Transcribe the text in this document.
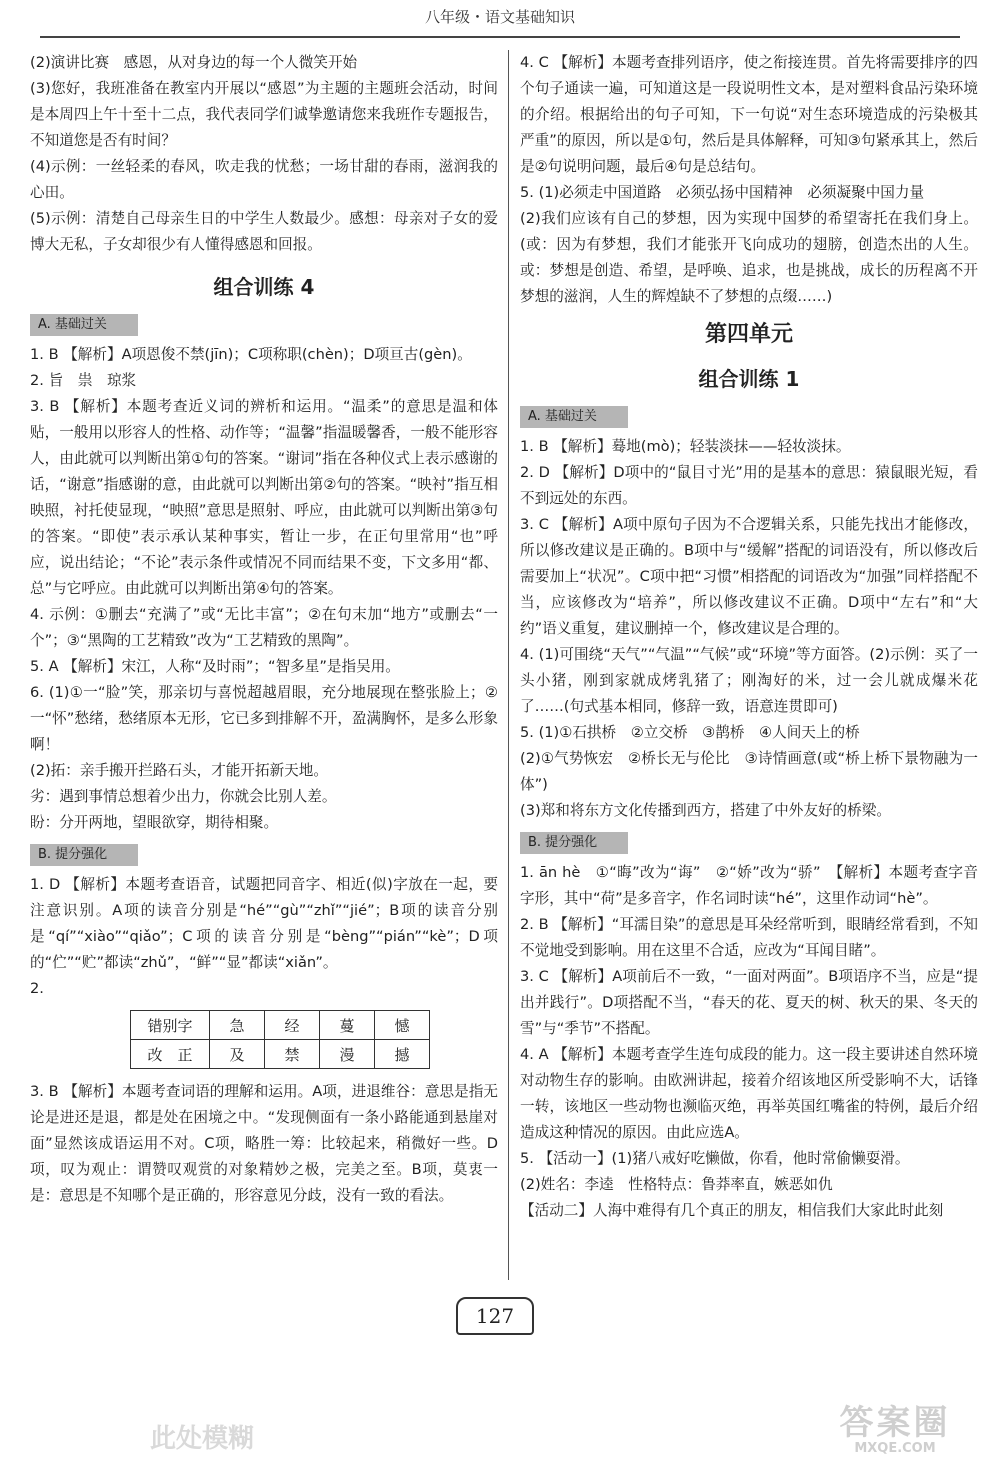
八年级・语文基础知识

(2)演讲比赛　感恩，从对身边的每一个人微笑开始

(3)您好，我班准备在教室内开展以“感恩”为主题的主题班会活动，时间是本周四上午十至十二点，我代表同学们诚挚邀请您来我班作专题报告，不知道您是否有时间？

(4)示例：一丝轻柔的春风，吹走我的忧愁；一场甘甜的春雨，滋润我的心田。

(5)示例：清楚自己母亲生日的中学生人数最少。感想：母亲对子女的爱博大无私，子女却很少有人懂得感恩和回报。

组合训练 4
A. 基础过关

1. B 【解析】A项恩俊不禁(jīn)；C项称职(chèn)；D项亘古(gèn)。

2. 旨　祟　琼浆

3. B 【解析】本题考查近义词的辨析和运用。“温柔”的意思是温和体贴，一般用以形容人的性格、动作等；“温馨”指温暖馨香，一般不能形容人，由此就可以判断出第①句的答案。“谢词”指在各种仪式上表示感谢的话，“谢意”指感谢的意，由此就可以判断出第②句的答案。“映衬”指互相映照，衬托使显现，“映照”意思是照射、呼应，由此就可以判断出第③句的答案。“即使”表示承认某种事实，暂让一步，在正句里常用“也”呼应，说出结论；“不论”表示条件或情况不同而结果不变，下文多用“都、总”与它呼应。由此就可以判断出第④句的答案。

4. 示例：①删去“充满了”或“无比丰富”；②在句末加“地方”或删去“一个”；③“黑陶的工艺精致”改为“工艺精致的黑陶”。

5. A 【解析】宋江，人称“及时雨”；“智多星”是指吴用。

6. (1)①一“脸”笑，那亲切与喜悦超越眉眼，充分地展现在整张脸上；②一“怀”愁绪，愁绪原本无形，它已多到排解不开，盈满胸怀，是多么形象啊！

(2)拓：亲手搬开拦路石头，才能开拓新天地。

劣：遇到事情总想着少出力，你就会比别人差。

盼：分开两地，望眼欲穿，期待相聚。

B. 提分强化

1. D 【解析】本题考查语音，试题把同音字、相近(似)字放在一起，要注意识别。A项的读音分别是“hé”“gù”“zhǐ”“jié”；B项的读音分别是“qí”“xiào”“qiǎo”；C项的读音分别是“bèng”“pián”“kè”；D项的“伫”“贮”都读“zhǔ”，“鲜”“显”都读“xiǎn”。

2.

错别字	急	经	蔓	憾
改　正	及	禁	漫	撼

3. B 【解析】本题考查词语的理解和运用。A项，进退维谷：意思是指无论是进还是退，都是处在困境之中。“发现侧面有一条小路能通到悬崖对面”显然该成语运用不对。C项，略胜一筹：比较起来，稍微好一些。D项，叹为观止：谓赞叹观赏的对象精妙之极，完美之至。B项，莫衷一是：意思是不知哪个是正确的，形容意见分歧，没有一致的看法。

4. C 【解析】本题考查排列语序，使之衔接连贯。首先将需要排序的四个句子通读一遍，可知道这是一段说明性文本，是对塑料食品污染环境的介绍。根据给出的句子可知，下一句说“对生态环境造成的污染极其严重”的原因，所以是①句，然后是具体解释，可知③句紧承其上，然后是②句说明问题，最后④句是总结句。

5. (1)必须走中国道路　必须弘扬中国精神　必须凝聚中国力量

(2)我们应该有自己的梦想，因为实现中国梦的希望寄托在我们身上。(或：因为有梦想，我们才能张开飞向成功的翅膀，创造杰出的人生。或：梦想是创造、希望，是呼唤、追求，也是挑战，成长的历程离不开梦想的滋润，人生的辉煌缺不了梦想的点缀……)

第四单元
组合训练 1
A. 基础过关

1. B 【解析】蓦地(mò)；轻装淡抹——轻妆淡抹。

2. D 【解析】D项中的“鼠目寸光”用的是基本的意思：猿鼠眼光短，看不到远处的东西。

3. C 【解析】A项中原句子因为不合逻辑关系，只能先找出才能修改，所以修改建议是正确的。B项中与“缓解”搭配的词语没有，所以修改后需要加上“状况”。C项中把“习惯”相搭配的词语改为“加强”同样搭配不当，应该修改为“培养”，所以修改建议不正确。D项中“左右”和“大约”语义重复，建议删掉一个，修改建议是合理的。

4. (1)可围绕“天气”“气温”“气候”或“环境”等方面答。(2)示例：买了一头小猪，刚到家就成烤乳猪了；刚淘好的米，过一会儿就成爆米花了……(句式基本相同，修辞一致，语意连贯即可)

5. (1)①石拱桥　②立交桥　③鹊桥　④人间天上的桥

(2)①气势恢宏　②桥长无与伦比　③诗情画意(或“桥上桥下景物融为一体”)

(3)郑和将东方文化传播到西方，搭建了中外友好的桥梁。

B. 提分强化

1. ān hè　①“晦”改为“诲”　②“娇”改为“骄”　【解析】本题考查字音字形，其中“荷”是多音字，作名词时读“hé”，这里作动词“hè”。

2. B 【解析】“耳濡目染”的意思是耳朵经常听到，眼睛经常看到，不知不觉地受到影响。用在这里不合适，应改为“耳闻目睹”。

3. C 【解析】A项前后不一致，“一面对两面”。B项语序不当，应是“提出并践行”。D项搭配不当，“春天的花、夏天的树、秋天的果、冬天的雪”与“季节”不搭配。

4. A 【解析】本题考查学生连句成段的能力。这一段主要讲述自然环境对动物生存的影响。由欧洲讲起，接着介绍该地区所受影响不大，话锋一转，该地区一些动物也濒临灭绝，再举英国红嘴雀的特例，最后介绍造成这种情况的原因。由此应选A。

5. 【活动一】(1)猪八戒好吃懒做，你看，他时常偷懒耍滑。

(2)姓名：李逵　性格特点：鲁莽率直，嫉恶如仇

【活动二】人海中难得有几个真正的朋友，相信我们大家此时此刻

127
此处模糊	答案圈
MXQE.COM
